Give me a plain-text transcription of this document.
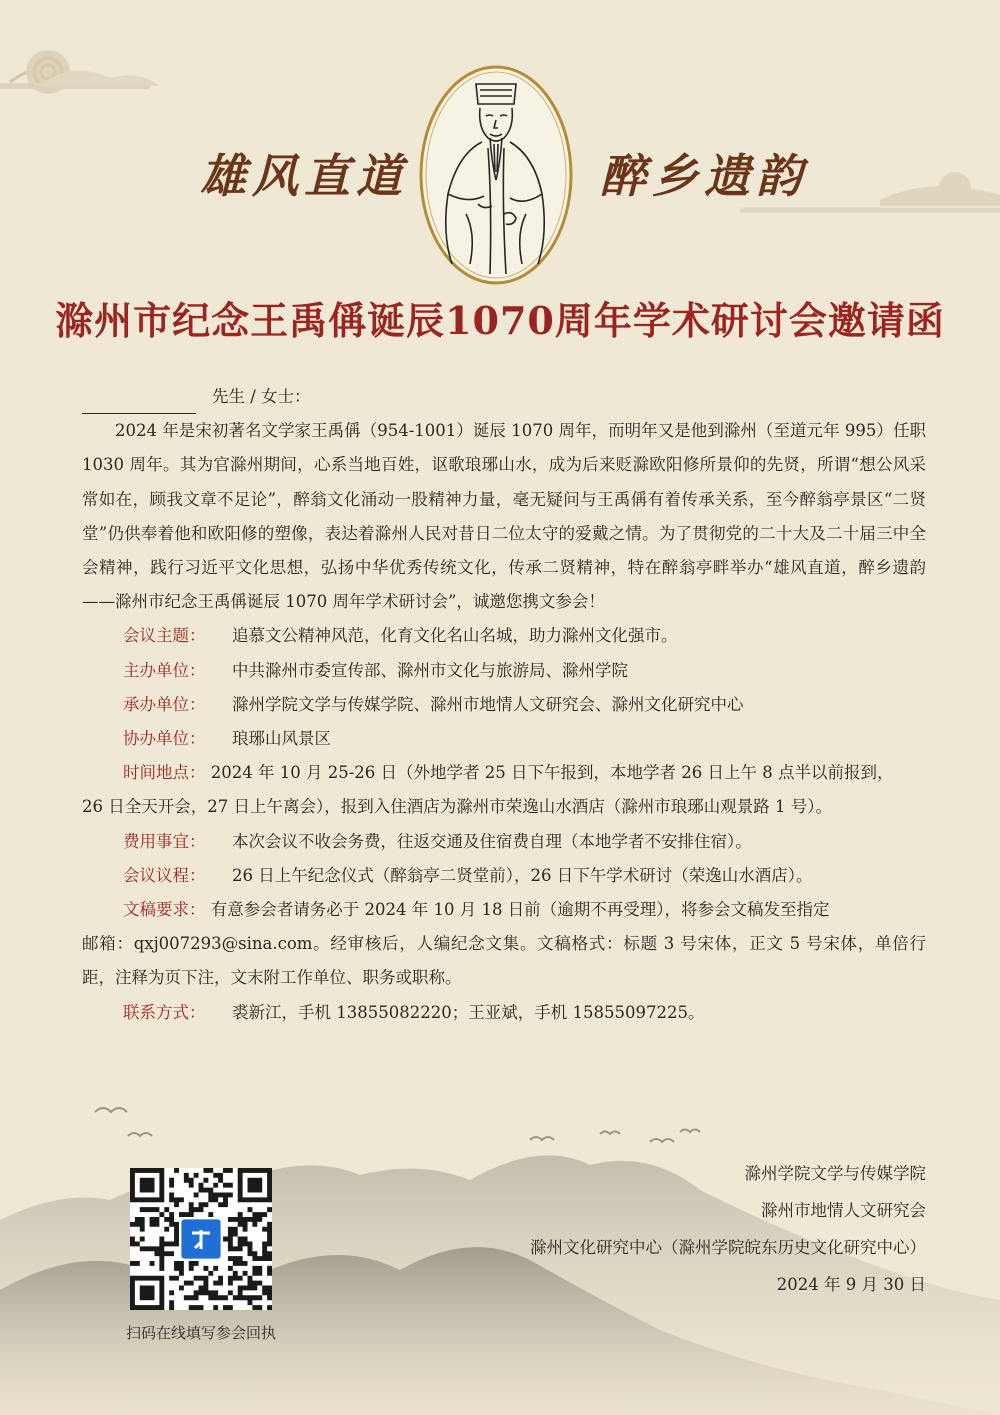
雄风直道	醉乡遗韵
滁州市纪念王禹偁诞辰1070周年学术研讨会邀请函
先生 / 女士：

2024 年是宋初著名文学家王禹偁（954-1001）诞辰 1070 周年，而明年又是他到滁州（至道元年 995）任职 1030 周年。其为官滁州期间，心系当地百姓，讴歌琅琊山水，成为后来贬滁欧阳修所景仰的先贤，所谓“想公风采常如在，顾我文章不足论”，醉翁文化涌动一股精神力量，毫无疑问与王禹偁有着传承关系，至今醉翁亭景区“二贤堂”仍供奉着他和欧阳修的塑像，表达着滁州人民对昔日二位太守的爱戴之情。为了贯彻党的二十大及二十届三中全会精神，践行习近平文化思想，弘扬中华优秀传统文化，传承二贤精神，特在醉翁亭畔举办“雄风直道，醉乡遗韵——滁州市纪念王禹偁诞辰 1070 周年学术研讨会”，诚邀您携文参会！

会议主题：	追慕文公精神风范，化育文化名山名城，助力滁州文化强市。
主办单位：	中共滁州市委宣传部、滁州市文化与旅游局、滁州学院
承办单位：	滁州学院文学与传媒学院、滁州市地情人文研究会、滁州文化研究中心
协办单位：	琅琊山风景区
时间地点： 2024 年 10 月 25-26 日（外地学者 25 日下午报到，本地学者 26 日上午 8 点半以前报到，

26 日全天开会，27 日上午离会），报到入住酒店为滁州市荣逸山水酒店（滁州市琅琊山观景路 1 号）。

费用事宜：	本次会议不收会务费，往返交通及住宿费自理（本地学者不安排住宿）。
会议议程：	26 日上午纪念仪式（醉翁亭二贤堂前），26 日下午学术研讨（荣逸山水酒店）。
文稿要求： 有意参会者请务必于 2024 年 10 月 18 日前（逾期不再受理），将参会文稿发至指定

邮箱：qxj007293@sina.com。经审核后，人编纪念文集。文稿格式：标题 3 号宋体，正文 5 号宋体，单倍行距，注释为页下注，文末附工作单位、职务或职称。

联系方式：	裘新江，手机 13855082220；王亚斌，手机 15855097225。
滁州学院文学与传媒学院
滁州市地情人文研究会
滁州文化研究中心（滁州学院皖东历史文化研究中心）
2024 年 9 月 30 日
扫码在线填写参会回执
